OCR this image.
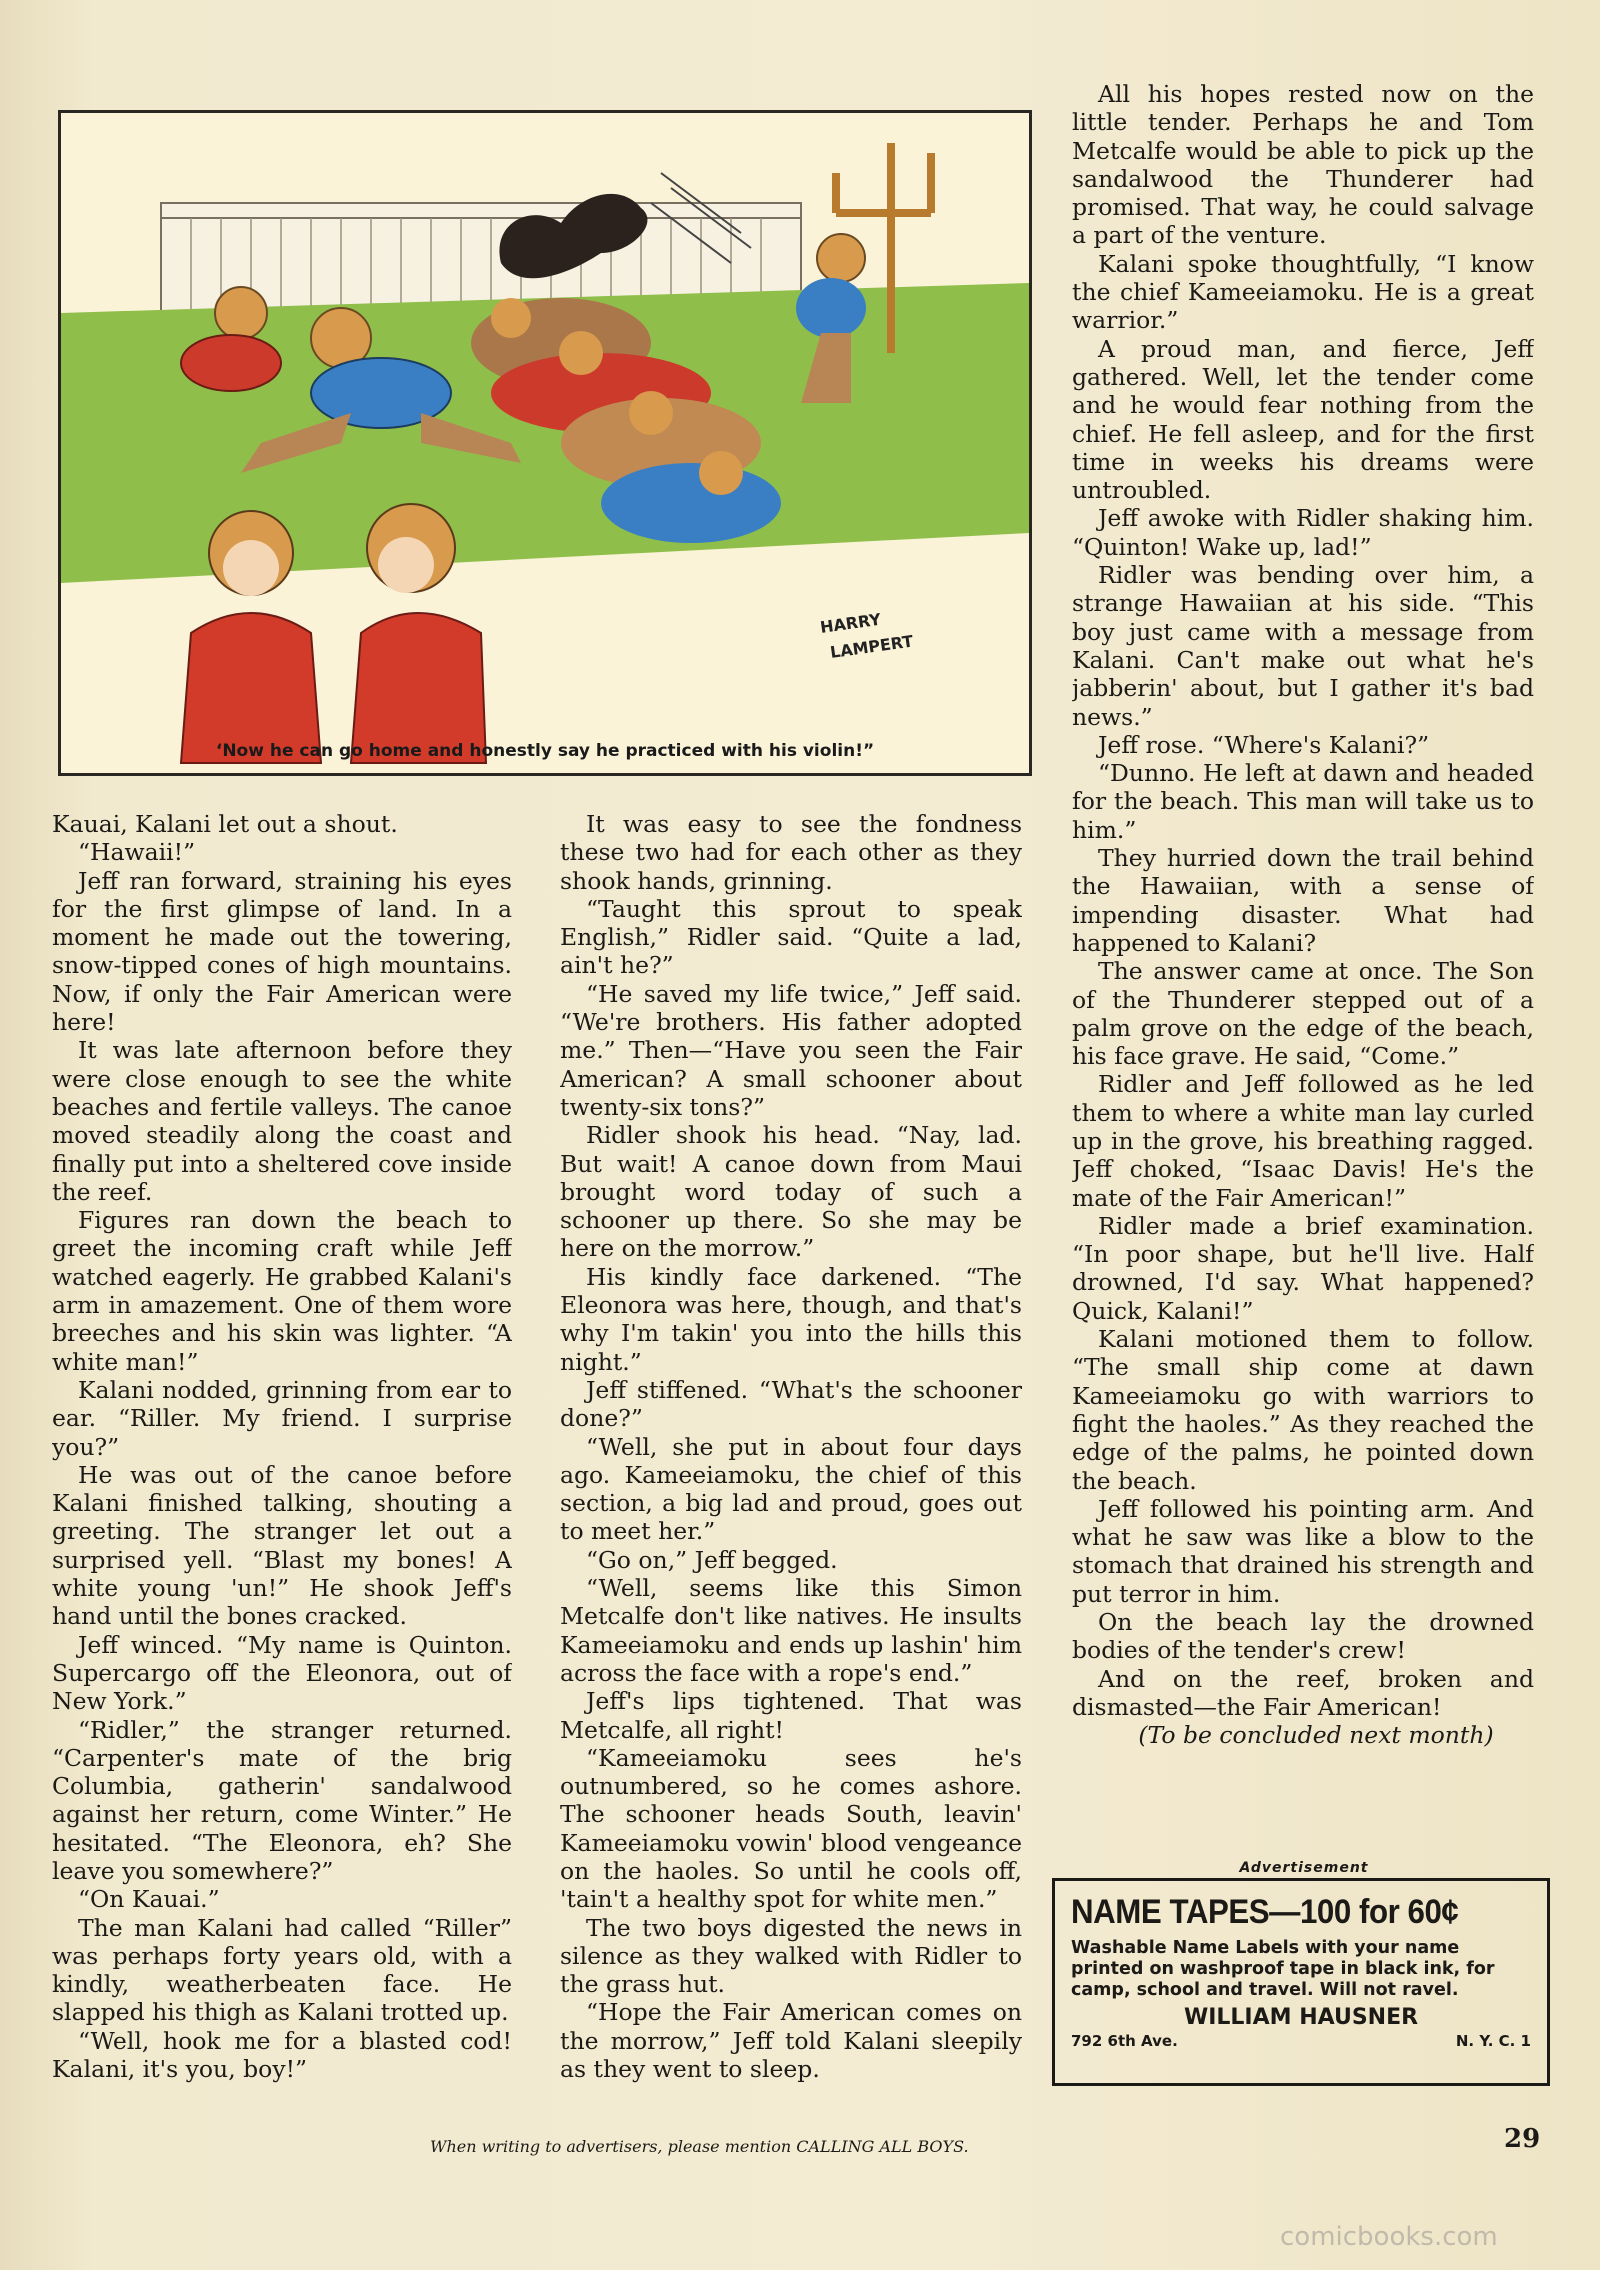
HARRY
LAMPERT
‘Now he can go home and honestly say he practiced with his violin!”

Kauai, Kalani let out a shout.

“Hawaii!”

Jeff ran forward, straining his eyes for the first glimpse of land. In a moment he made out the towering, snow-tipped cones of high mountains. Now, if only the Fair American were here!

It was late afternoon before they were close enough to see the white beaches and fertile valleys. The canoe moved steadily along the coast and finally put into a sheltered cove inside the reef.

Figures ran down the beach to greet the incoming craft while Jeff watched eagerly. He grabbed Kalani's arm in amazement. One of them wore breeches and his skin was lighter. “A white man!”

Kalani nodded, grinning from ear to ear. “Riller. My friend. I surprise you?”

He was out of the canoe before Kalani finished talking, shouting a greeting. The stranger let out a surprised yell. “Blast my bones! A white young 'un!” He shook Jeff's hand until the bones cracked.

Jeff winced. “My name is Quinton. Supercargo off the Eleonora, out of New York.”

“Ridler,” the stranger returned. “Carpenter's mate of the brig Columbia, gatherin' sandalwood against her return, come Winter.” He hesitated. “The Eleonora, eh? She leave you somewhere?”

“On Kauai.”

The man Kalani had called “Riller” was perhaps forty years old, with a kindly, weatherbeaten face. He slapped his thigh as Kalani trotted up.

“Well, hook me for a blasted cod! Kalani, it's you, boy!”

It was easy to see the fondness these two had for each other as they shook hands, grinning.

“Taught this sprout to speak English,” Ridler said. “Quite a lad, ain't he?”

“He saved my life twice,” Jeff said. “We're brothers. His father adopted me.” Then—“Have you seen the Fair American? A small schooner about twenty-six tons?”

Ridler shook his head. “Nay, lad. But wait! A canoe down from Maui brought word today of such a schooner up there. So she may be here on the morrow.”

His kindly face darkened. “The Eleonora was here, though, and that's why I'm takin' you into the hills this night.”

Jeff stiffened. “What's the schooner done?”

“Well, she put in about four days ago. Kameeiamoku, the chief of this section, a big lad and proud, goes out to meet her.”

“Go on,” Jeff begged.

“Well, seems like this Simon Metcalfe don't like natives. He insults Kameeiamoku and ends up lashin' him across the face with a rope's end.”

Jeff's lips tightened. That was Metcalfe, all right!

“Kameeiamoku sees he's outnumbered, so he comes ashore. The schooner heads South, leavin' Kameeiamoku vowin' blood vengeance on the haoles. So until he cools off, 'tain't a healthy spot for white men.”

The two boys digested the news in silence as they walked with Ridler to the grass hut.

“Hope the Fair American comes on the morrow,” Jeff told Kalani sleepily as they went to sleep.

All his hopes rested now on the little tender. Perhaps he and Tom Metcalfe would be able to pick up the sandalwood the Thunderer had promised. That way, he could salvage a part of the venture.

Kalani spoke thoughtfully, “I know the chief Kameeiamoku. He is a great warrior.”

A proud man, and fierce, Jeff gathered. Well, let the tender come and he would fear nothing from the chief. He fell asleep, and for the first time in weeks his dreams were untroubled.

Jeff awoke with Ridler shaking him. “Quinton! Wake up, lad!”

Ridler was bending over him, a strange Hawaiian at his side. “This boy just came with a message from Kalani. Can't make out what he's jabberin' about, but I gather it's bad news.”

Jeff rose. “Where's Kalani?”

“Dunno. He left at dawn and headed for the beach. This man will take us to him.”

They hurried down the trail behind the Hawaiian, with a sense of impending disaster. What had happened to Kalani?

The answer came at once. The Son of the Thunderer stepped out of a palm grove on the edge of the beach, his face grave. He said, “Come.”

Ridler and Jeff followed as he led them to where a white man lay curled up in the grove, his breathing ragged. Jeff choked, “Isaac Davis! He's the mate of the Fair American!”

Ridler made a brief examination. “In poor shape, but he'll live. Half drowned, I'd say. What happened? Quick, Kalani!”

Kalani motioned them to follow. “The small ship come at dawn Kameeiamoku go with warriors to fight the haoles.” As they reached the edge of the palms, he pointed down the beach.

Jeff followed his pointing arm. And what he saw was like a blow to the stomach that drained his strength and put terror in him.

On the beach lay the drowned bodies of the tender's crew!

And on the reef, broken and dismasted—the Fair American!

(To be concluded next month)

Advertisement
NAME TAPES—100 for 60¢
Washable Name Labels with your name printed on washproof tape in black ink, for camp, school and travel. Will not ravel.
WILLIAM HAUSNER
792 6th Ave.	N. Y. C. 1
When writing to advertisers, please mention CALLING ALL BOYS.	29
comicbooks.com
